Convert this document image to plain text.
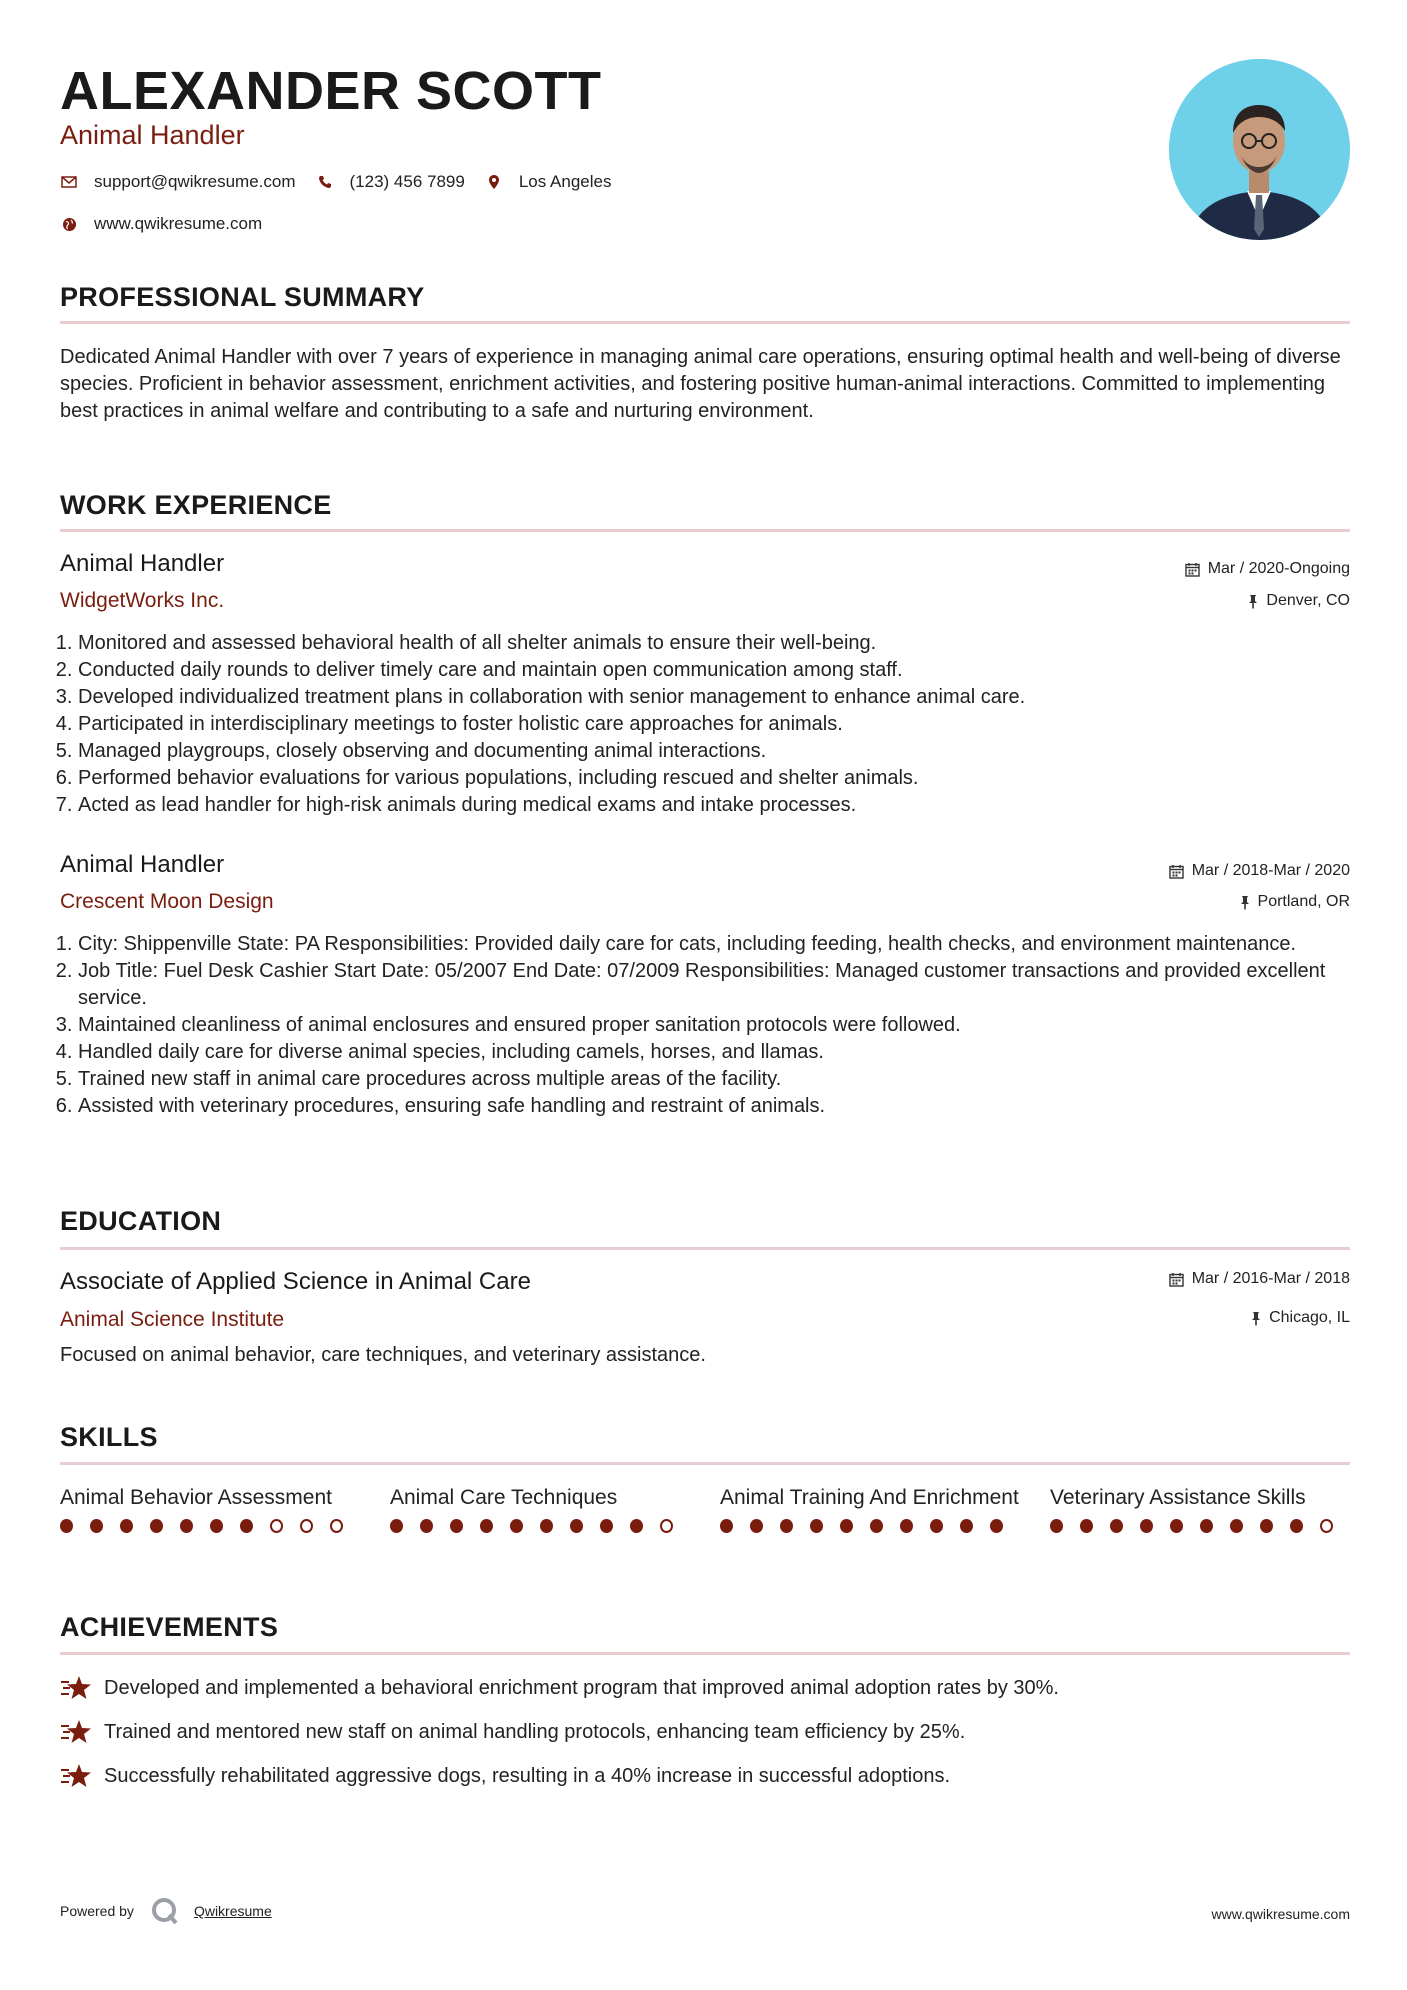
ALEXANDER SCOTT
Animal Handler
support@qwikresume.com	(123) 456 7899	Los Angeles
www.qwikresume.com
PROFESSIONAL SUMMARY
Dedicated Animal Handler with over 7 years of experience in managing animal care operations, ensuring optimal health and well-being of diverse species. Proficient in behavior assessment, enrichment activities, and fostering positive human-animal interactions. Committed to implementing best practices in animal welfare and contributing to a safe and nurturing environment.
WORK EXPERIENCE
Animal Handler
WidgetWorks Inc.
Mar / 2020-Ongoing
Denver, CO
1. Monitored and assessed behavioral health of all shelter animals to ensure their well-being.
2. Conducted daily rounds to deliver timely care and maintain open communication among staff.
3. Developed individualized treatment plans in collaboration with senior management to enhance animal care.
4. Participated in interdisciplinary meetings to foster holistic care approaches for animals.
5. Managed playgroups, closely observing and documenting animal interactions.
6. Performed behavior evaluations for various populations, including rescued and shelter animals.
7. Acted as lead handler for high-risk animals during medical exams and intake processes.
Animal Handler
Crescent Moon Design
Mar / 2018-Mar / 2020
Portland, OR
1. City: Shippenville State: PA Responsibilities: Provided daily care for cats, including feeding, health checks, and environment maintenance.
2. Job Title: Fuel Desk Cashier Start Date: 05/2007 End Date: 07/2009 Responsibilities: Managed customer transactions and provided excellent service.
3. Maintained cleanliness of animal enclosures and ensured proper sanitation protocols were followed.
4. Handled daily care for diverse animal species, including camels, horses, and llamas.
5. Trained new staff in animal care procedures across multiple areas of the facility.
6. Assisted with veterinary procedures, ensuring safe handling and restraint of animals.
EDUCATION
Associate of Applied Science in Animal Care
Animal Science Institute
Mar / 2016-Mar / 2018
Chicago, IL
Focused on animal behavior, care techniques, and veterinary assistance.
SKILLS
Animal Behavior Assessment	Animal Care Techniques	Animal Training And Enrichment Veterinary Assistance Skills
ACHIEVEMENTS
Developed and implemented a behavioral enrichment program that improved animal adoption rates by 30%.
Trained and mentored new staff on animal handling protocols, enhancing team efficiency by 25%.
Successfully rehabilitated aggressive dogs, resulting in a 40% increase in successful adoptions.
Powered by	Qwikresume	www.qwikresume.com
